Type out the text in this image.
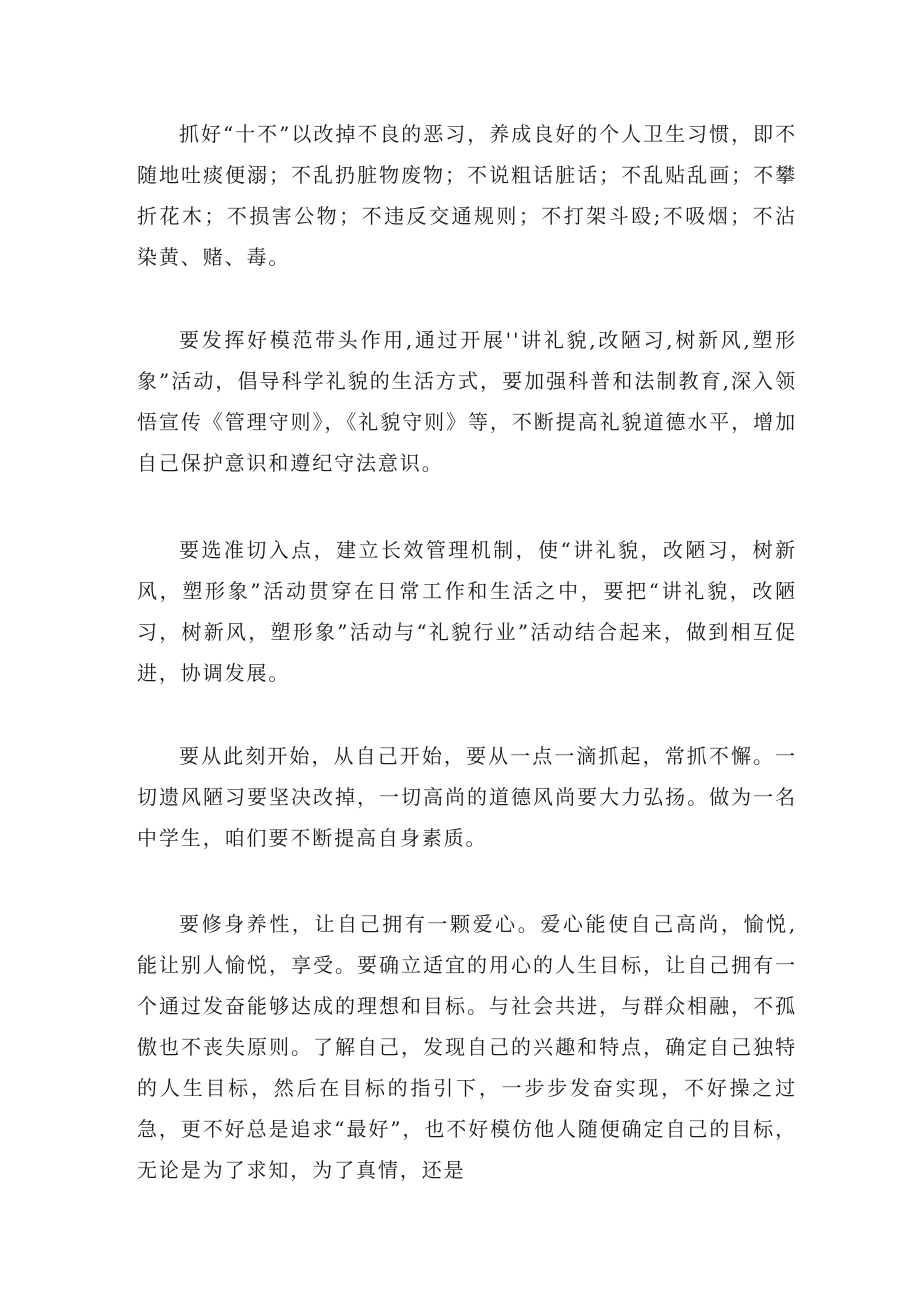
抓好“十不”以改掉不良的恶习，养成良好的个人卫生习惯，即不随地吐痰便溺；不乱扔脏物废物；不说粗话脏话；不乱贴乱画；不攀折花木；不损害公物；不违反交通规则；不打架斗殴;不吸烟；不沾染黄、赌、毒。

要发挥好模范带头作用,通过开展''讲礼貌,改陋习,树新风,塑形象”活动，倡导科学礼貌的生活方式，要加强科普和法制教育,深入领悟宣传《管理守则》，《礼貌守则》等，不断提高礼貌道德水平，增加自己保护意识和遵纪守法意识。

要选准切入点，建立长效管理机制，使“讲礼貌，改陋习，树新风，塑形象”活动贯穿在日常工作和生活之中，要把“讲礼貌，改陋习，树新风，塑形象”活动与“礼貌行业”活动结合起来，做到相互促进，协调发展。

要从此刻开始，从自己开始，要从一点一滴抓起，常抓不懈。一切遗风陋习要坚决改掉，一切高尚的道德风尚要大力弘扬。做为一名中学生，咱们要不断提高自身素质。

要修身养性，让自己拥有一颗爱心。爱心能使自己高尚，愉悦,能让别人愉悦，享受。要确立适宜的用心的人生目标，让自己拥有一个通过发奋能够达成的理想和目标。与社会共进，与群众相融，不孤傲也不丧失原则。了解自己，发现自己的兴趣和特点，确定自己独特的人生目标，然后在目标的指引下，一步步发奋实现，不好操之过急，更不好总是追求“最好”，也不好模仿他人随便确定自己的目标，无论是为了求知，为了真情，还是
